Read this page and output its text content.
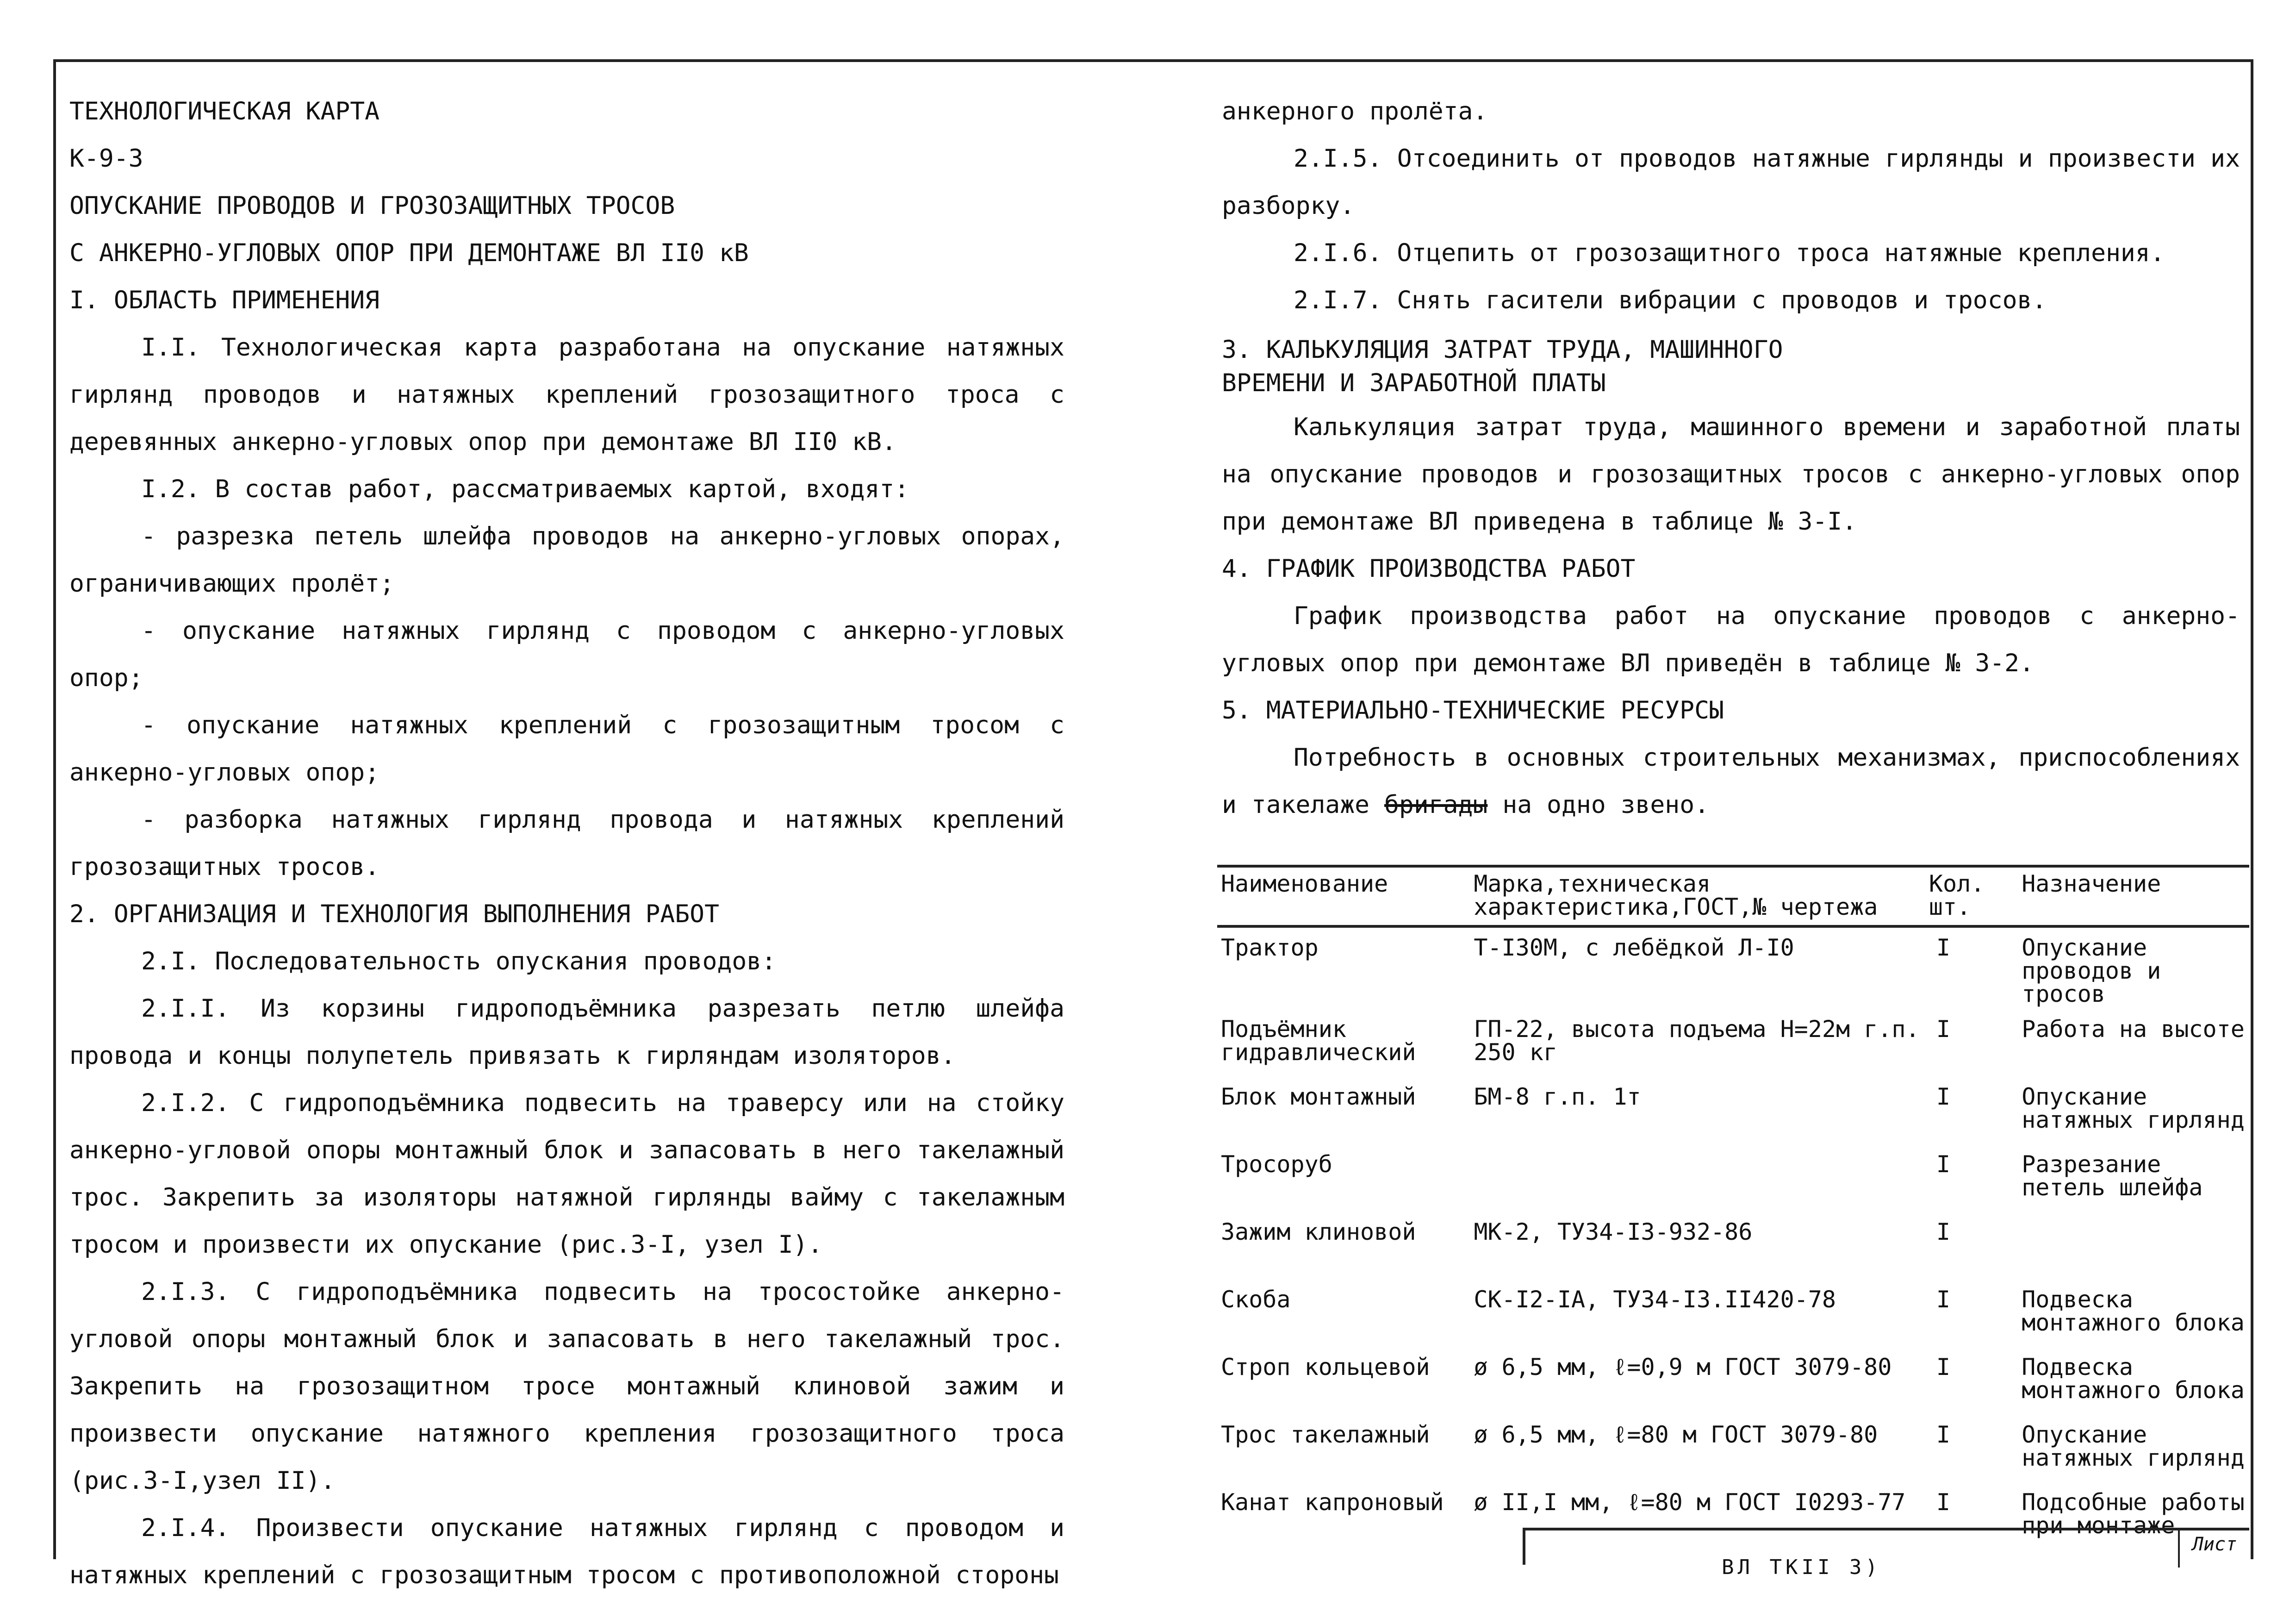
ТЕХНОЛОГИЧЕСКАЯ КАРТА

К-9-3

ОПУСКАНИЕ ПРОВОДОВ И ГРОЗОЗАЩИТНЫХ ТРОСОВ

С АНКЕРНО-УГЛОВЫХ ОПОР ПРИ ДЕМОНТАЖЕ ВЛ II0 кВ

I. ОБЛАСТЬ ПРИМЕНЕНИЯ

I.I. Технологическая карта разработана на опускание натяжных гирлянд проводов и натяжных креплений грозозащитного троса с деревянных анкерно-угловых опор при демонтаже ВЛ II0 кВ.

I.2. В состав работ, рассматриваемых картой, входят:

- разрезка петель шлейфа проводов на анкерно-угловых опорах, ограничивающих пролёт;

- опускание натяжных гирлянд с проводом с анкерно-угловых опор;

- опускание натяжных креплений с грозозащитным тросом с анкерно-угловых опор;

- разборка натяжных гирлянд провода и натяжных креплений грозозащитных тросов.

2. ОРГАНИЗАЦИЯ И ТЕХНОЛОГИЯ ВЫПОЛНЕНИЯ РАБОТ

2.I. Последовательность опускания проводов:

2.I.I. Из корзины гидроподъёмника разрезать петлю шлейфа провода и концы полупетель привязать к гирляндам изоляторов.

2.I.2. С гидроподъёмника подвесить на траверсу или на стойку анкерно-угловой опоры монтажный блок и запасовать в него такелажный трос. Закрепить за изоляторы натяжной гирлянды вайму с такелажным тросом и произвести их опускание (рис.3-I, узел I).

2.I.3. С гидроподъёмника подвесить на тросостойке анкерно-угловой опоры монтажный блок и запасовать в него такелажный трос. Закрепить на грозозащитном тросе монтажный клиновой зажим и произвести опускание натяжного крепления грозозащитного троса (рис.3-I,узел II).

2.I.4. Произвести опускание натяжных гирлянд с проводом и натяжных креплений с грозозащитным тросом с противоположной стороны

анкерного пролёта.

2.I.5. Отсоединить от проводов натяжные гирлянды и произвести их разборку.

2.I.6. Отцепить от грозозащитного троса натяжные крепления.

2.I.7. Снять гасители вибрации с проводов и тросов.

3. КАЛЬКУЛЯЦИЯ ЗАТРАТ ТРУДА, МАШИННОГО

ВРЕМЕНИ И ЗАРАБОТНОЙ ПЛАТЫ

Калькуляция затрат труда, машинного времени и заработной платы на опускание проводов и грозозащитных тросов с анкерно-угловых опор при демонтаже ВЛ приведена в таблице № 3-I.

4. ГРАФИК ПРОИЗВОДСТВА РАБОТ

График производства работ на опускание проводов с анкерно-угловых опор при демонтаже ВЛ приведён в таблице № 3-2.

5. МАТЕРИАЛЬНО-ТЕХНИЧЕСКИЕ РЕСУРСЫ

Потребность в основных строительных механизмах, приспособлениях и такелаже бригады на одно звено.

Наименование	Марка,техническая характеристика,ГОСТ,№ чертежа	Кол. шт.	Назначение
Трактор	Т-I30М, с лебёдкой Л-I0	I	Опускание проводов и тросов
Подъёмник гидравлический	ГП-22, высота подъема Н=22м г.п. 250 кг	I	Работа на высоте
Блок монтажный	БМ-8 г.п. 1т	I	Опускание натяжных гирлянд
Тросоруб		I	Разрезание петель шлейфа
Зажим клиновой	МК-2, ТУ34-I3-932-86	I	
Скоба	СК-I2-IА, ТУ34-I3.II420-78	I	Подвеска монтажного блока
Строп кольцевой	ø 6,5 мм, ℓ=0,9 м ГОСТ 3079-80	I	Подвеска монтажного блока
Трос такелажный	ø 6,5 мм, ℓ=80 м ГОСТ 3079-80	I	Опускание натяжных гирлянд
Канат капроновый	ø II,I мм, ℓ=80 м ГОСТ I0293-77	I	Подсобные работы при монтаже
Лист
ВЛ ТКII 3)
